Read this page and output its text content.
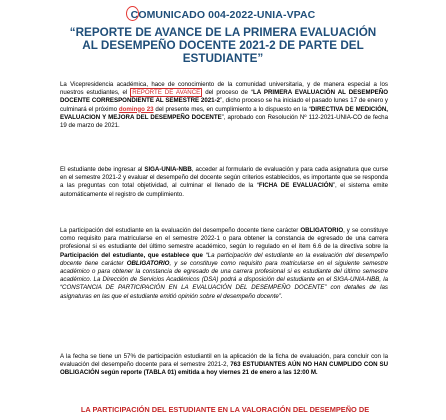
COMUNICADO 004-2022-UNIA-VPAC
“REPORTE DE AVANCE DE LA PRIMERA EVALUACIÓN
AL DESEMPEÑO DOCENTE 2021-2 DE PARTE DEL
ESTUDIANTE”
La Vicepresidencia académica, hace de conocimiento de la comunidad universitaria, y de manera especial a los nuestros estudiantes, el REPORTE DE AVANCE del proceso de “LA PRIMERA EVALUACIÓN AL DESEMPEÑO DOCENTE CORRESPONDIENTE AL SEMESTRE 2021-2”, dicho proceso se ha iniciado el pasado lunes 17 de enero y culminará el próximo domingo 23 del presente mes, en cumplimiento a lo dispuesto en la “DIRECTIVA DE MEDICIÓN, EVALUACION Y MEJORA DEL DESEMPEÑO DOCENTE”, aprobado con Resolución Nº 112-2021-UNIA-CO de fecha 19 de marzo de 2021.
El estudiante debe ingresar al SIGA-UNIA-NBB, acceder al formulario de evaluación y para cada asignatura que curse en el semestre 2021-2 y evaluar el desempeño del docente según criterios establecidos, es importante que se responda a las preguntas con total objetividad, al culminar el llenado de la “FICHA DE EVALUACIÓN”, el sistema emite automáticamente el registro de cumplimiento.
La participación del estudiante en la evaluación del desempeño docente tiene carácter OBLIGATORIO, y se constituye como requisito para matricularse en el semestre 2022-1 o para obtener la constancia de egresado de una carrera profesional si es estudiante del último semestre académico, según lo regulado en el ítem 6.6 de la directiva sobre la Participación del estudiante, que establece que “La participación del estudiante en la evaluación del desempeño docente tiene carácter OBLIGATORIO, y se constituye como requisito para matricularse en el siguiente semestre académico o para obtener la constancia de egresado de una carrera profesional si es estudiante del último semestre académico. La Dirección de Servicios Académicos (DSA) podrá a disposición del estudiante en el SIGA-UNIA-NBB, la “CONSTANCIA DE PARTICIPACIÓN EN LA EVALUACIÓN DEL DESEMPEÑO DOCENTE” con detalles de las asignaturas en las que el estudiante emitió opinión sobre el desempeño docente”.
A la fecha se tiene un 57% de participación estudiantil en la aplicación de la ficha de evaluación, para concluir con la evaluación del desempeño docente para el semestre 2021-2, 763 ESTUDIANTES AÚN NO HAN CUMPLIDO CON SU OBLIGACIÓN según reporte (TABLA 01) emitida a hoy viernes 21 de enero a las 12:00 M.
LA PARTICIPACIÓN DEL ESTUDIANTE EN LA VALORACIÓN DEL DESEMPEÑO DE
